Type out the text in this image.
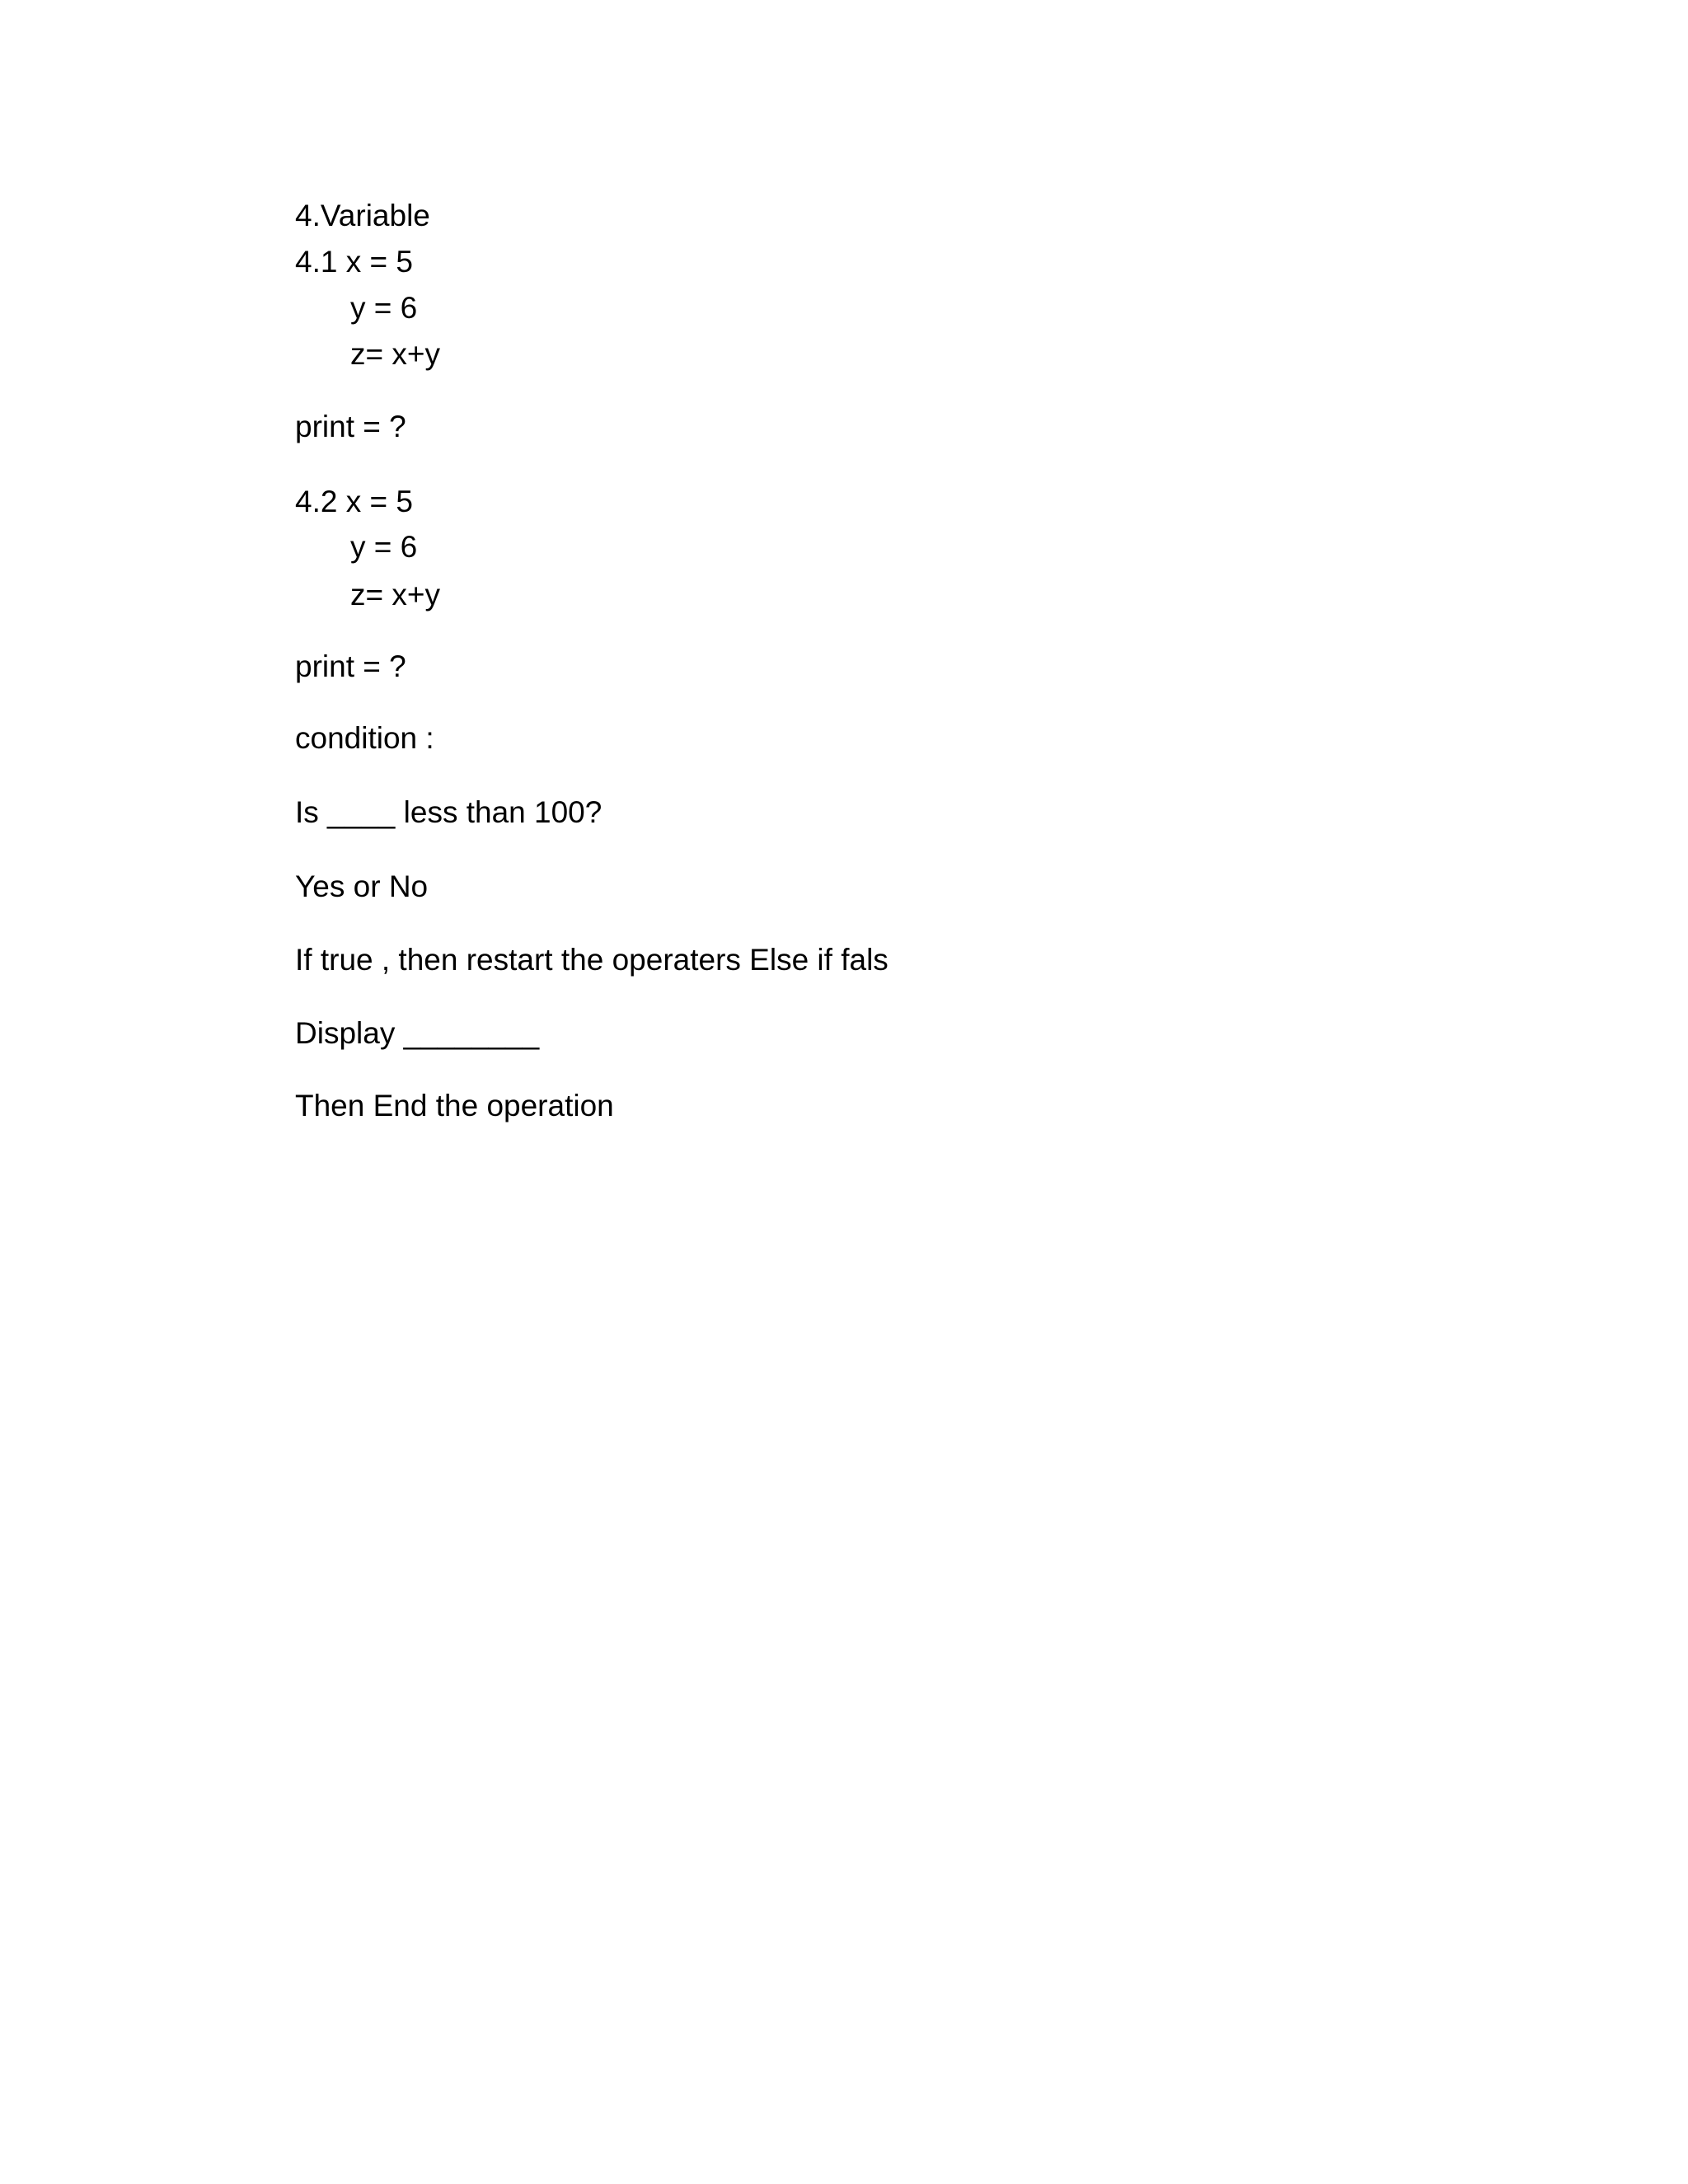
4.Variable
4.1 x = 5
y = 6
z= x+y
print = ?
4.2 x = 5
y = 6
z= x+y
print = ?
condition :
Is ____ less than 100?
Yes or No
If true , then restart the operaters Else if fals
Display ________
Then End the operation
